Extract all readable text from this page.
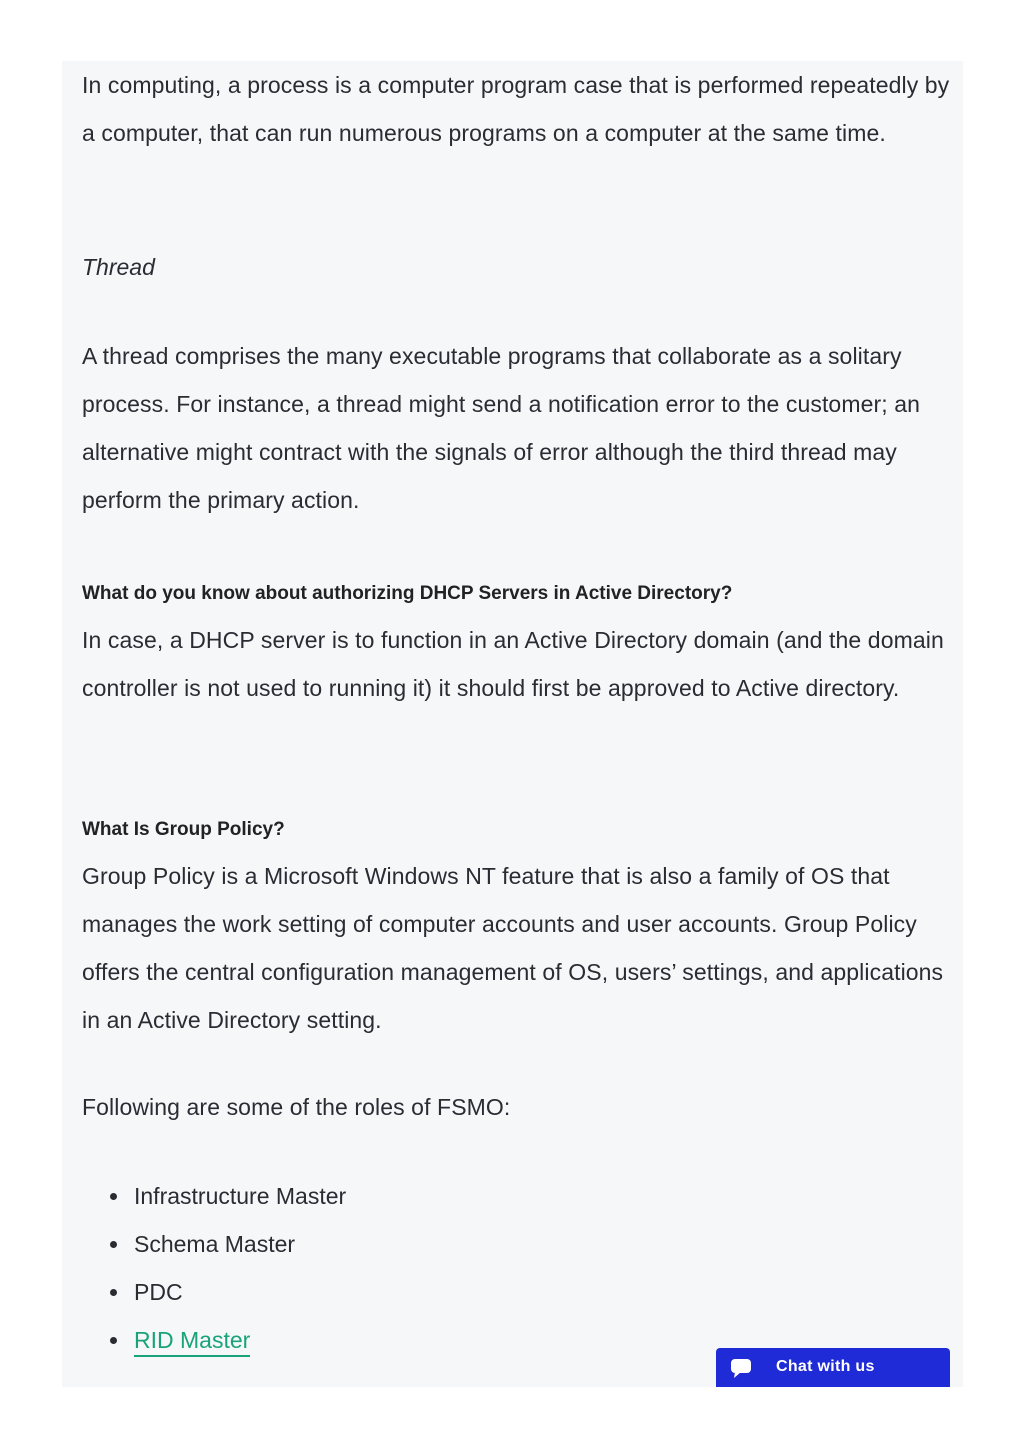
In computing, a process is a computer program case that is performed repeatedly by a computer, that can run numerous programs on a computer at the same time.

Thread

A thread comprises the many executable programs that collaborate as a solitary process. For instance, a thread might send a notification error to the customer; an alternative might contract with the signals of error although the third thread may perform the primary action.

What do you know about authorizing DHCP Servers in Active Directory?

In case, a DHCP server is to function in an Active Directory domain (and the domain controller is not used to running it) it should first be approved to Active directory.

What Is Group Policy?

Group Policy is a Microsoft Windows NT feature that is also a family of OS that manages the work setting of computer accounts and user accounts. Group Policy offers the central configuration management of OS, users’ settings, and applications in an Active Directory setting.

Following are some of the roles of FSMO:

Infrastructure Master
Schema Master
PDC
RID Master
Chat with us
